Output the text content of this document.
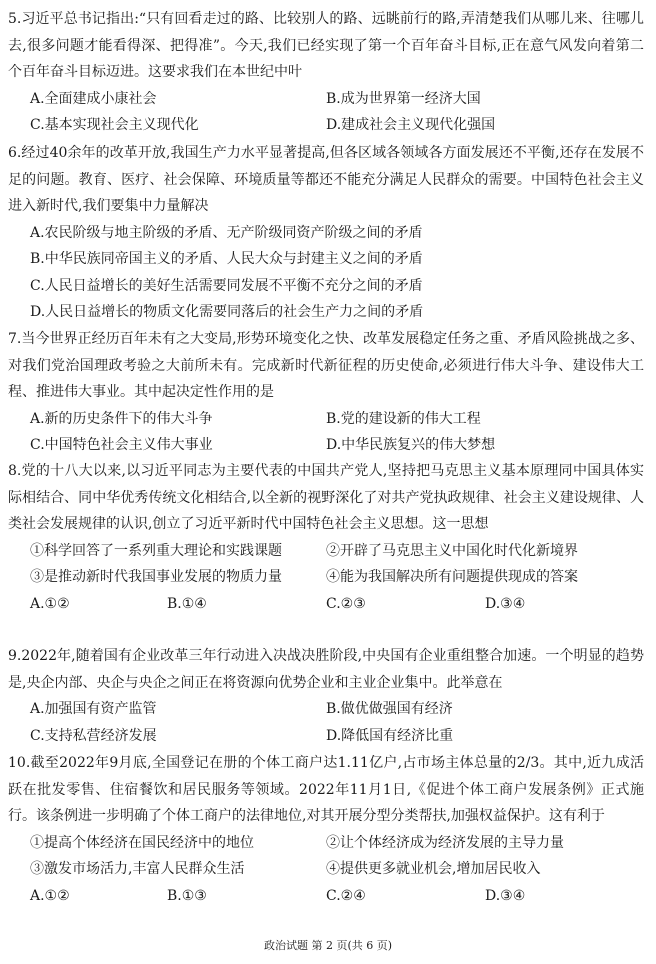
5.习近平总书记指出:“只有回看走过的路、比较别人的路、远眺前行的路,弄清楚我们从哪儿来、往哪儿去,很多问题才能看得深、把得准”。今天,我们已经实现了第一个百年奋斗目标,正在意气风发向着第二个百年奋斗目标迈进。这要求我们在本世纪中叶

A.全面建成小康社会	B.成为世界第一经济大国
C.基本实现社会主义现代化	D.建成社会主义现代化强国

6.经过40余年的改革开放,我国生产力水平显著提高,但各区域各领域各方面发展还不平衡,还存在发展不足的问题。教育、医疗、社会保障、环境质量等都还不能充分满足人民群众的需要。中国特色社会主义进入新时代,我们要集中力量解决

A.农民阶级与地主阶级的矛盾、无产阶级同资产阶级之间的矛盾
B.中华民族同帝国主义的矛盾、人民大众与封建主义之间的矛盾
C.人民日益增长的美好生活需要同发展不平衡不充分之间的矛盾
D.人民日益增长的物质文化需要同落后的社会生产力之间的矛盾

7.当今世界正经历百年未有之大变局,形势环境变化之快、改革发展稳定任务之重、矛盾风险挑战之多、对我们党治国理政考验之大前所未有。完成新时代新征程的历史使命,必须进行伟大斗争、建设伟大工程、推进伟大事业。其中起决定性作用的是

A.新的历史条件下的伟大斗争	B.党的建设新的伟大工程
C.中国特色社会主义伟大事业	D.中华民族复兴的伟大梦想

8.党的十八大以来,以习近平同志为主要代表的中国共产党人,坚持把马克思主义基本原理同中国具体实际相结合、同中华优秀传统文化相结合,以全新的视野深化了对共产党执政规律、社会主义建设规律、人类社会发展规律的认识,创立了习近平新时代中国特色社会主义思想。这一思想

①科学回答了一系列重大理论和实践课题	②开辟了马克思主义中国化时代化新境界
③是推动新时代我国事业发展的物质力量	④能为我国解决所有问题提供现成的答案
A.①②	B.①④	C.②③	D.③④

9.2022年,随着国有企业改革三年行动进入决战决胜阶段,中央国有企业重组整合加速。一个明显的趋势是,央企内部、央企与央企之间正在将资源向优势企业和主业企业集中。此举意在

A.加强国有资产监管	B.做优做强国有经济
C.支持私营经济发展	D.降低国有经济比重

10.截至2022年9月底,全国登记在册的个体工商户达1.11亿户,占市场主体总量的2/3。其中,近九成活跃在批发零售、住宿餐饮和居民服务等领域。2022年11月1日,《促进个体工商户发展条例》正式施行。该条例进一步明确了个体工商户的法律地位,对其开展分型分类帮扶,加强权益保护。这有利于

①提高个体经济在国民经济中的地位	②让个体经济成为经济发展的主导力量
③激发市场活力,丰富人民群众生活	④提供更多就业机会,增加居民收入
A.①②	B.①③	C.②④	D.③④
政治试题 第 2 页(共 6 页)
